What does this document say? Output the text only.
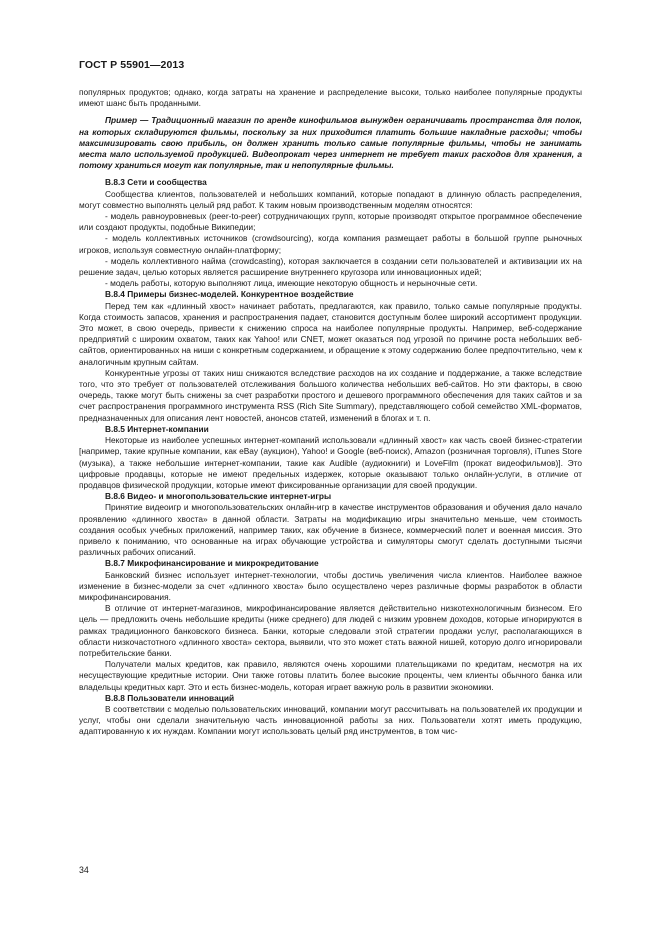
ГОСТ Р 55901—2013

популярных продуктов; однако, когда затраты на хранение и распределение высоки, только наиболее популярные продукты имеют шанс быть проданными.

Пример — Традиционный магазин по аренде кинофильмов вынужден ограничивать пространства для полок, на которых складируются фильмы, поскольку за них приходится платить большие накладные расходы; чтобы максимизировать свою прибыль, он должен хранить только самые популярные фильмы, чтобы не занимать места мало используемой продукцией. Видеопрокат через интернет не требует таких расходов для хранения, а потому храниться могут как популярные, так и непопулярные фильмы.

В.8.3 Сети и сообщества

Сообщества клиентов, пользователей и небольших компаний, которые попадают в длинную область распределения, могут совместно выполнять целый ряд работ. К таким новым производственным моделям относятся:

- модель равноуровневых (peer-to-peer) сотрудничающих групп, которые производят открытое программное обеспечение или создают продукты, подобные Википедии;

- модель коллективных источников (crowdsourcing), когда компания размещает работы в большой группе рыночных игроков, используя совместную онлайн-платформу;

- модель коллективного найма (crowdcasting), которая заключается в создании сети пользователей и активизации их на решение задач, целью которых является расширение внутреннего кругозора или инновационных идей;

- модель работы, которую выполняют лица, имеющие некоторую общность и нерыночные сети.

В.8.4 Примеры бизнес-моделей. Конкурентное воздействие

Перед тем как «длинный хвост» начинает работать, предлагаются, как правило, только самые популярные продукты. Когда стоимость запасов, хранения и распространения падает, становится доступным более широкий ассортимент продукции. Это может, в свою очередь, привести к снижению спроса на наиболее популярные продукты. Например, веб-содержание предприятий с широким охватом, таких как Yahoo! или CNET, может оказаться под угрозой по причине роста небольших веб-сайтов, ориентированных на ниши с конкретным содержанием, и обращение к этому содержанию более предпочтительно, чем к аналогичным крупным сайтам.

Конкурентные угрозы от таких ниш снижаются вследствие расходов на их создание и поддержание, а также вследствие того, что это требует от пользователей отслеживания большого количества небольших веб-сайтов. Но эти факторы, в свою очередь, также могут быть снижены за счет разработки простого и дешевого программного обеспечения для таких сайтов и за счет распространения программного инструмента RSS (Rich Site Summary), представляющего собой семейство XML-форматов, предназначенных для описания лент новостей, анонсов статей, изменений в блогах и т. п.

В.8.5 Интернет-компании

Некоторые из наиболее успешных интернет-компаний использовали «длинный хвост» как часть своей бизнес-стратегии [например, такие крупные компании, как eBay (аукцион), Yahoo! и Google (веб-поиск), Amazon (розничная торговля), iTunes Store (музыка), а также небольшие интернет-компании, такие как Audible (аудиокниги) и LoveFilm (прокат видеофильмов)]. Это цифровые продавцы, которые не имеют предельных издержек, которые оказывают только онлайн-услуги, в отличие от продавцов физической продукции, которые имеют фиксированные организации для своей продукции.

В.8.6 Видео- и многопользовательские интернет-игры

Принятие видеоигр и многопользовательских онлайн-игр в качестве инструментов образования и обучения дало начало проявлению «длинного хвоста» в данной области. Затраты на модификацию игры значительно меньше, чем стоимость создания особых учебных приложений, например таких, как обучение в бизнесе, коммерческий полет и военная миссия. Это привело к пониманию, что основанные на играх обучающие устройства и симуляторы смогут сделать доступными тысячи различных рабочих описаний.

В.8.7 Микрофинансирование и микрокредитование

Банковский бизнес использует интернет-технологии, чтобы достичь увеличения числа клиентов. Наиболее важное изменение в бизнес-модели за счет «длинного хвоста» было осуществлено через различные формы разработок в области микрофинансирования.

В отличие от интернет-магазинов, микрофинансирование является действительно низкотехнологичным бизнесом. Его цель — предложить очень небольшие кредиты (ниже среднего) для людей с низким уровнем доходов, которые игнорируются в рамках традиционного банковского бизнеса. Банки, которые следовали этой стратегии продажи услуг, располагающихся в области низкочастотного «длинного хвоста» сектора, выявили, что это может стать важной нишей, которую долго игнорировали потребительские банки.

Получатели малых кредитов, как правило, являются очень хорошими плательщиками по кредитам, несмотря на их несуществующие кредитные истории. Они также готовы платить более высокие проценты, чем клиенты обычного банка или владельцы кредитных карт. Это и есть бизнес-модель, которая играет важную роль в развитии экономики.

В.8.8 Пользователи инноваций

В соответствии с моделью пользовательских инноваций, компании могут рассчитывать на пользователей их продукции и услуг, чтобы они сделали значительную часть инновационной работы за них. Пользователи хотят иметь продукцию, адаптированную к их нуждам. Компании могут использовать целый ряд инструментов, в том чис-

34
